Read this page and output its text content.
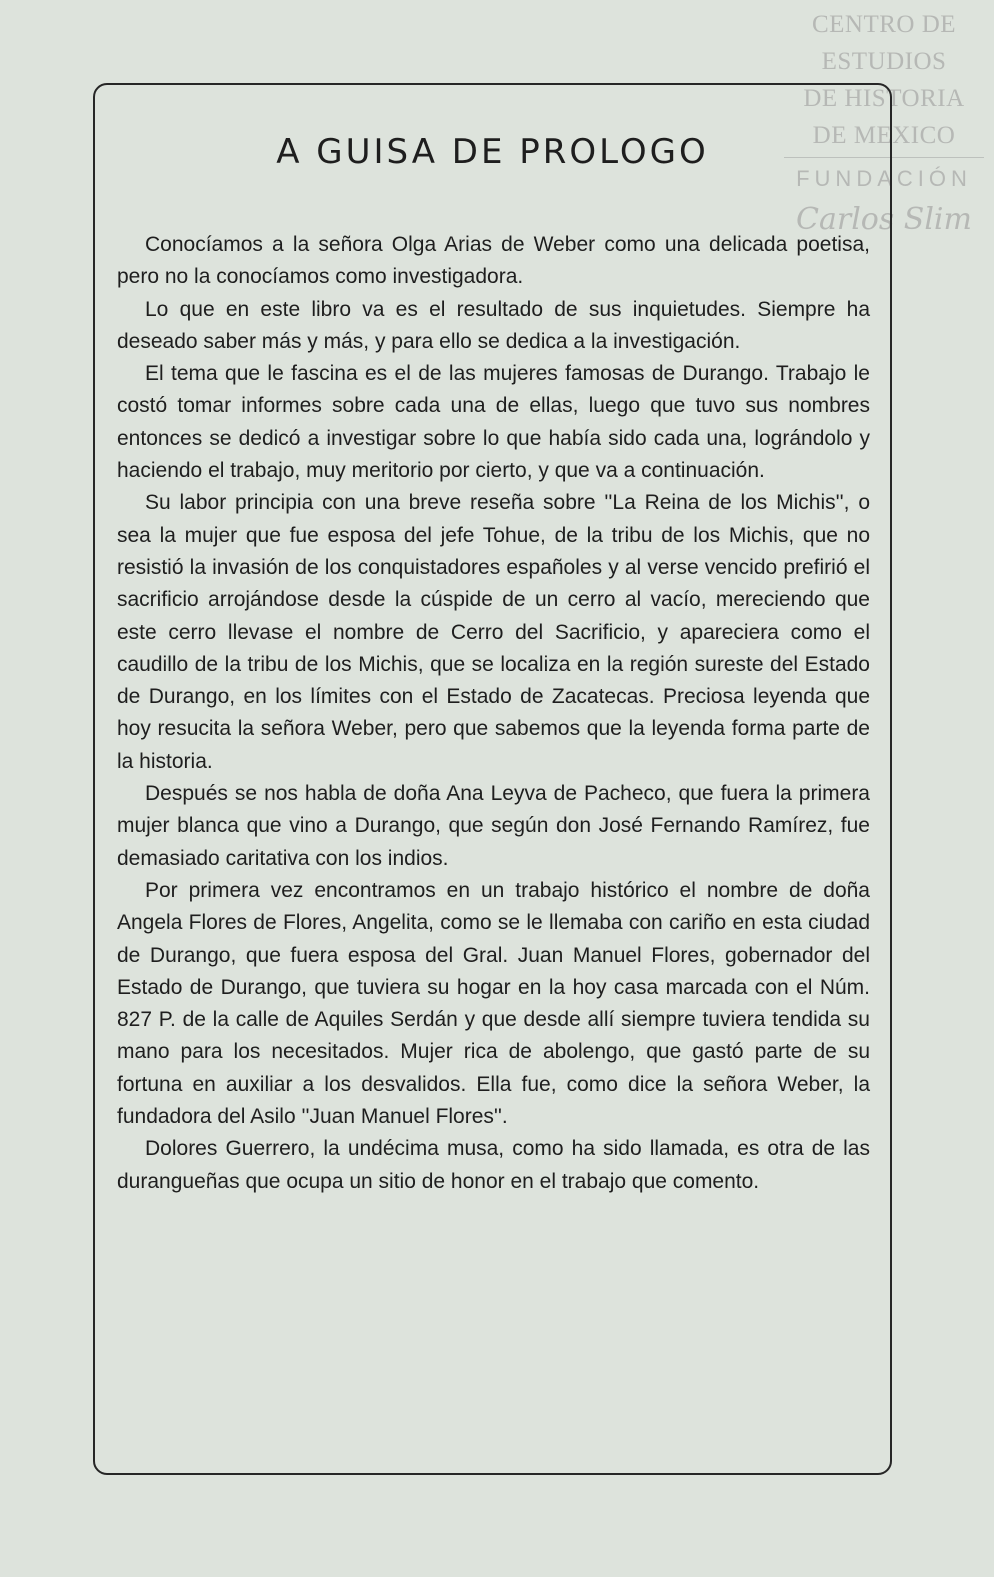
CENTRO DE
ESTUDIOS
DE HISTORIA
DE MEXICO
FUNDACIÓN
Carlos Slim
A GUISA DE PROLOGO

Conocíamos a la señora Olga Arias de Weber como una delicada poetisa, pero no la conocíamos como investigadora.

Lo que en este libro va es el resultado de sus inquietudes. Siempre ha deseado saber más y más, y para ello se dedica a la investigación.

El tema que le fascina es el de las mujeres famosas de Durango. Trabajo le costó tomar informes sobre cada una de ellas, luego que tuvo sus nombres entonces se dedicó a investigar sobre lo que había sido cada una, lográndolo y haciendo el trabajo, muy meritorio por cierto, y que va a continuación.

Su labor principia con una breve reseña sobre ''La Reina de los Michis'', o sea la mujer que fue esposa del jefe Tohue, de la tribu de los Michis, que no resistió la invasión de los conquistadores españoles y al verse vencido prefirió el sacrificio arrojándose desde la cúspide de un cerro al vacío, mereciendo que este cerro llevase el nombre de Cerro del Sacrificio, y apareciera como el caudillo de la tribu de los Michis, que se localiza en la región sureste del Estado de Durango, en los límites con el Estado de Zacatecas. Preciosa leyenda que hoy resucita la señora Weber, pero que sabemos que la leyenda forma parte de la historia.

Después se nos habla de doña Ana Leyva de Pacheco, que fuera la primera mujer blanca que vino a Durango, que según don José Fernando Ramírez, fue demasiado caritativa con los indios.

Por primera vez encontramos en un trabajo histórico el nombre de doña Angela Flores de Flores, Angelita, como se le llemaba con cariño en esta ciudad de Durango, que fuera esposa del Gral. Juan Manuel Flores, gobernador del Estado de Durango, que tuviera su hogar en la hoy casa marcada con el Núm. 827 P. de la calle de Aquiles Serdán y que desde allí siempre tuviera tendida su mano para los necesitados. Mujer rica de abolengo, que gastó parte de su fortuna en auxiliar a los desvalidos. Ella fue, como dice la señora Weber, la fundadora del Asilo ''Juan Manuel Flores''.

Dolores Guerrero, la undécima musa, como ha sido llamada, es otra de las durangueñas que ocupa un sitio de honor en el trabajo que comento.
